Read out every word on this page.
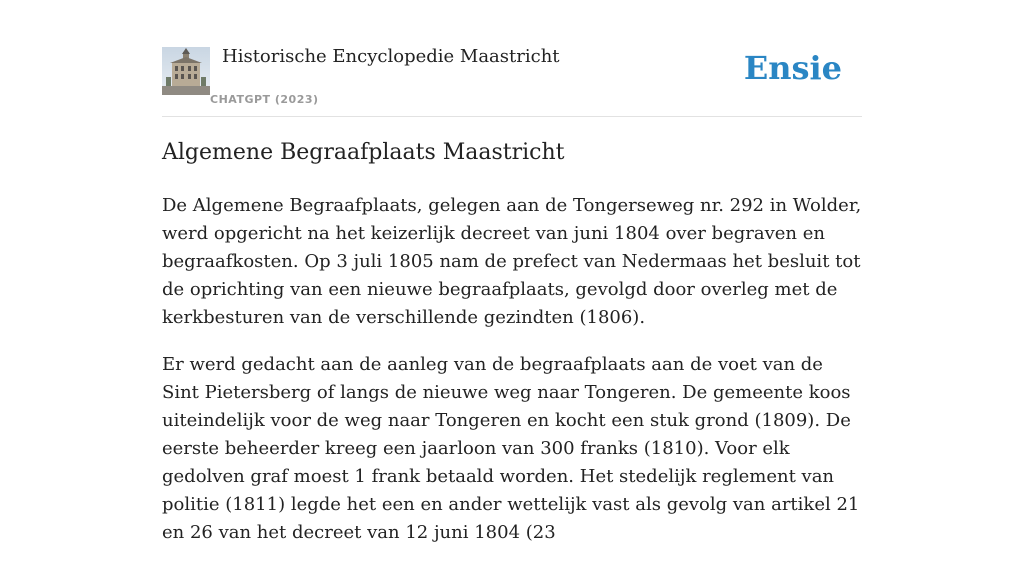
Historische Encyclopedie Maastricht
CHATGPT (2023)
Ensie
Algemene Begraafplaats Maastricht

De Algemene Begraafplaats, gelegen aan de Tongerseweg nr. 292 in Wolder, werd opgericht na het keizerlijk decreet van juni 1804 over begraven en begraafkosten. Op 3 juli 1805 nam de prefect van Nedermaas het besluit tot de oprichting van een nieuwe begraafplaats, gevolgd door overleg met de kerkbesturen van de verschillende gezindten (1806).

Er werd gedacht aan de aanleg van de begraafplaats aan de voet van de Sint Pietersberg of langs de nieuwe weg naar Tongeren. De gemeente koos uiteindelijk voor de weg naar Tongeren en kocht een stuk grond (1809). De eerste beheerder kreeg een jaarloon van 300 franks (1810). Voor elk gedolven graf moest 1 frank betaald worden. Het stedelijk reglement van politie (1811) legde het een en ander wettelijk vast als gevolg van artikel 21 en 26 van het decreet van 12 juni 1804 (23
